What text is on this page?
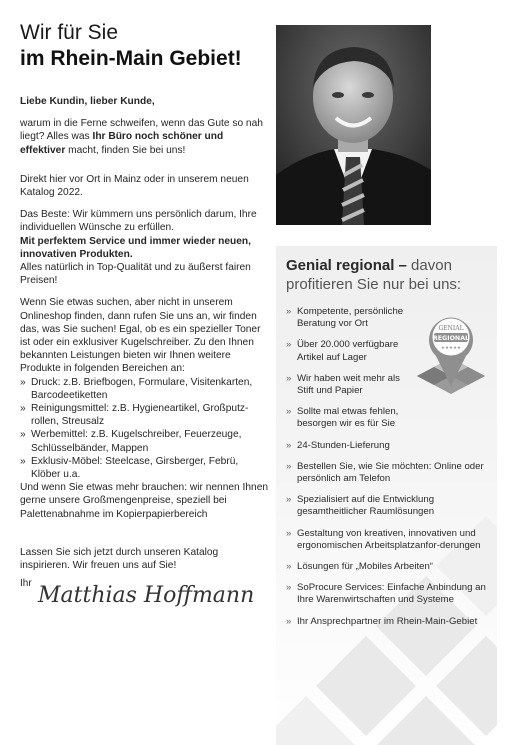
Wir für Sie
im Rhein-Main Gebiet!

Liebe Kundin, lieber Kunde,

warum in die Ferne schweifen, wenn das Gute so nah liegt? Alles was Ihr Büro noch schöner und effektiver macht, finden Sie bei uns!

Direkt hier vor Ort in Mainz oder in unserem neuen Katalog 2022.

Das Beste: Wir kümmern uns persönlich darum, Ihre individuellen Wünsche zu erfüllen.

Mit perfektem Service und immer wieder neuen, innovativen Produkten.

Alles natürlich in Top-Qualität und zu äußerst fairen Preisen!

Wenn Sie etwas suchen, aber nicht in unserem Onlineshop finden, dann rufen Sie uns an, wir finden das, was Sie suchen! Egal, ob es ein spezieller Toner ist oder ein exklusiver Kugelschreiber. Zu den Ihnen bekannten Leistungen bieten wir Ihnen weitere Produkte in folgenden Bereichen an:

» Druck: z.B. Briefbogen, Formulare, Visitenkarten, Barcodeetiketten
» Reinigungsmittel: z.B. Hygieneartikel, Großputz-rollen, Streusalz
» Werbemittel: z.B. Kugelschreiber, Feuerzeuge, Schlüsselbänder, Mappen
» Exklusiv-Möbel: Steelcase, Girsberger, Febrü, Klöber u.a.

Und wenn Sie etwas mehr brauchen: wir nennen Ihnen gerne unsere Großmengenpreise, speziell bei Palettenabnahme im Kopierpapierbereich

Lassen Sie sich jetzt durch unseren Katalog inspirieren. Wir freuen uns auf Sie!

Ihr Matthias Hoffmann
Genial regional – davon
profitieren Sie nur bei uns:
» Kompetente, persönliche Beratung vor Ort
» Über 20.000 verfügbare Artikel auf Lager
» Wir haben weit mehr als Stift und Papier
» Sollte mal etwas fehlen, besorgen wir es für Sie
» 24-Stunden-Lieferung
» Bestellen Sie, wie Sie möchten: Online oder persönlich am Telefon
» Spezialisiert auf die Entwicklung gesamtheitlicher Raumlösungen
» Gestaltung von kreativen, innovativen und ergonomischen Arbeitsplatzanfor-derungen
» Lösungen für „Mobiles Arbeiten“
» SoProcure Services: Einfache Anbindung an Ihre Warenwirtschaften und Systeme
» Ihr Ansprechpartner im Rhein-Main-Gebiet
GENIAL
REGIONAL
★★★★★
